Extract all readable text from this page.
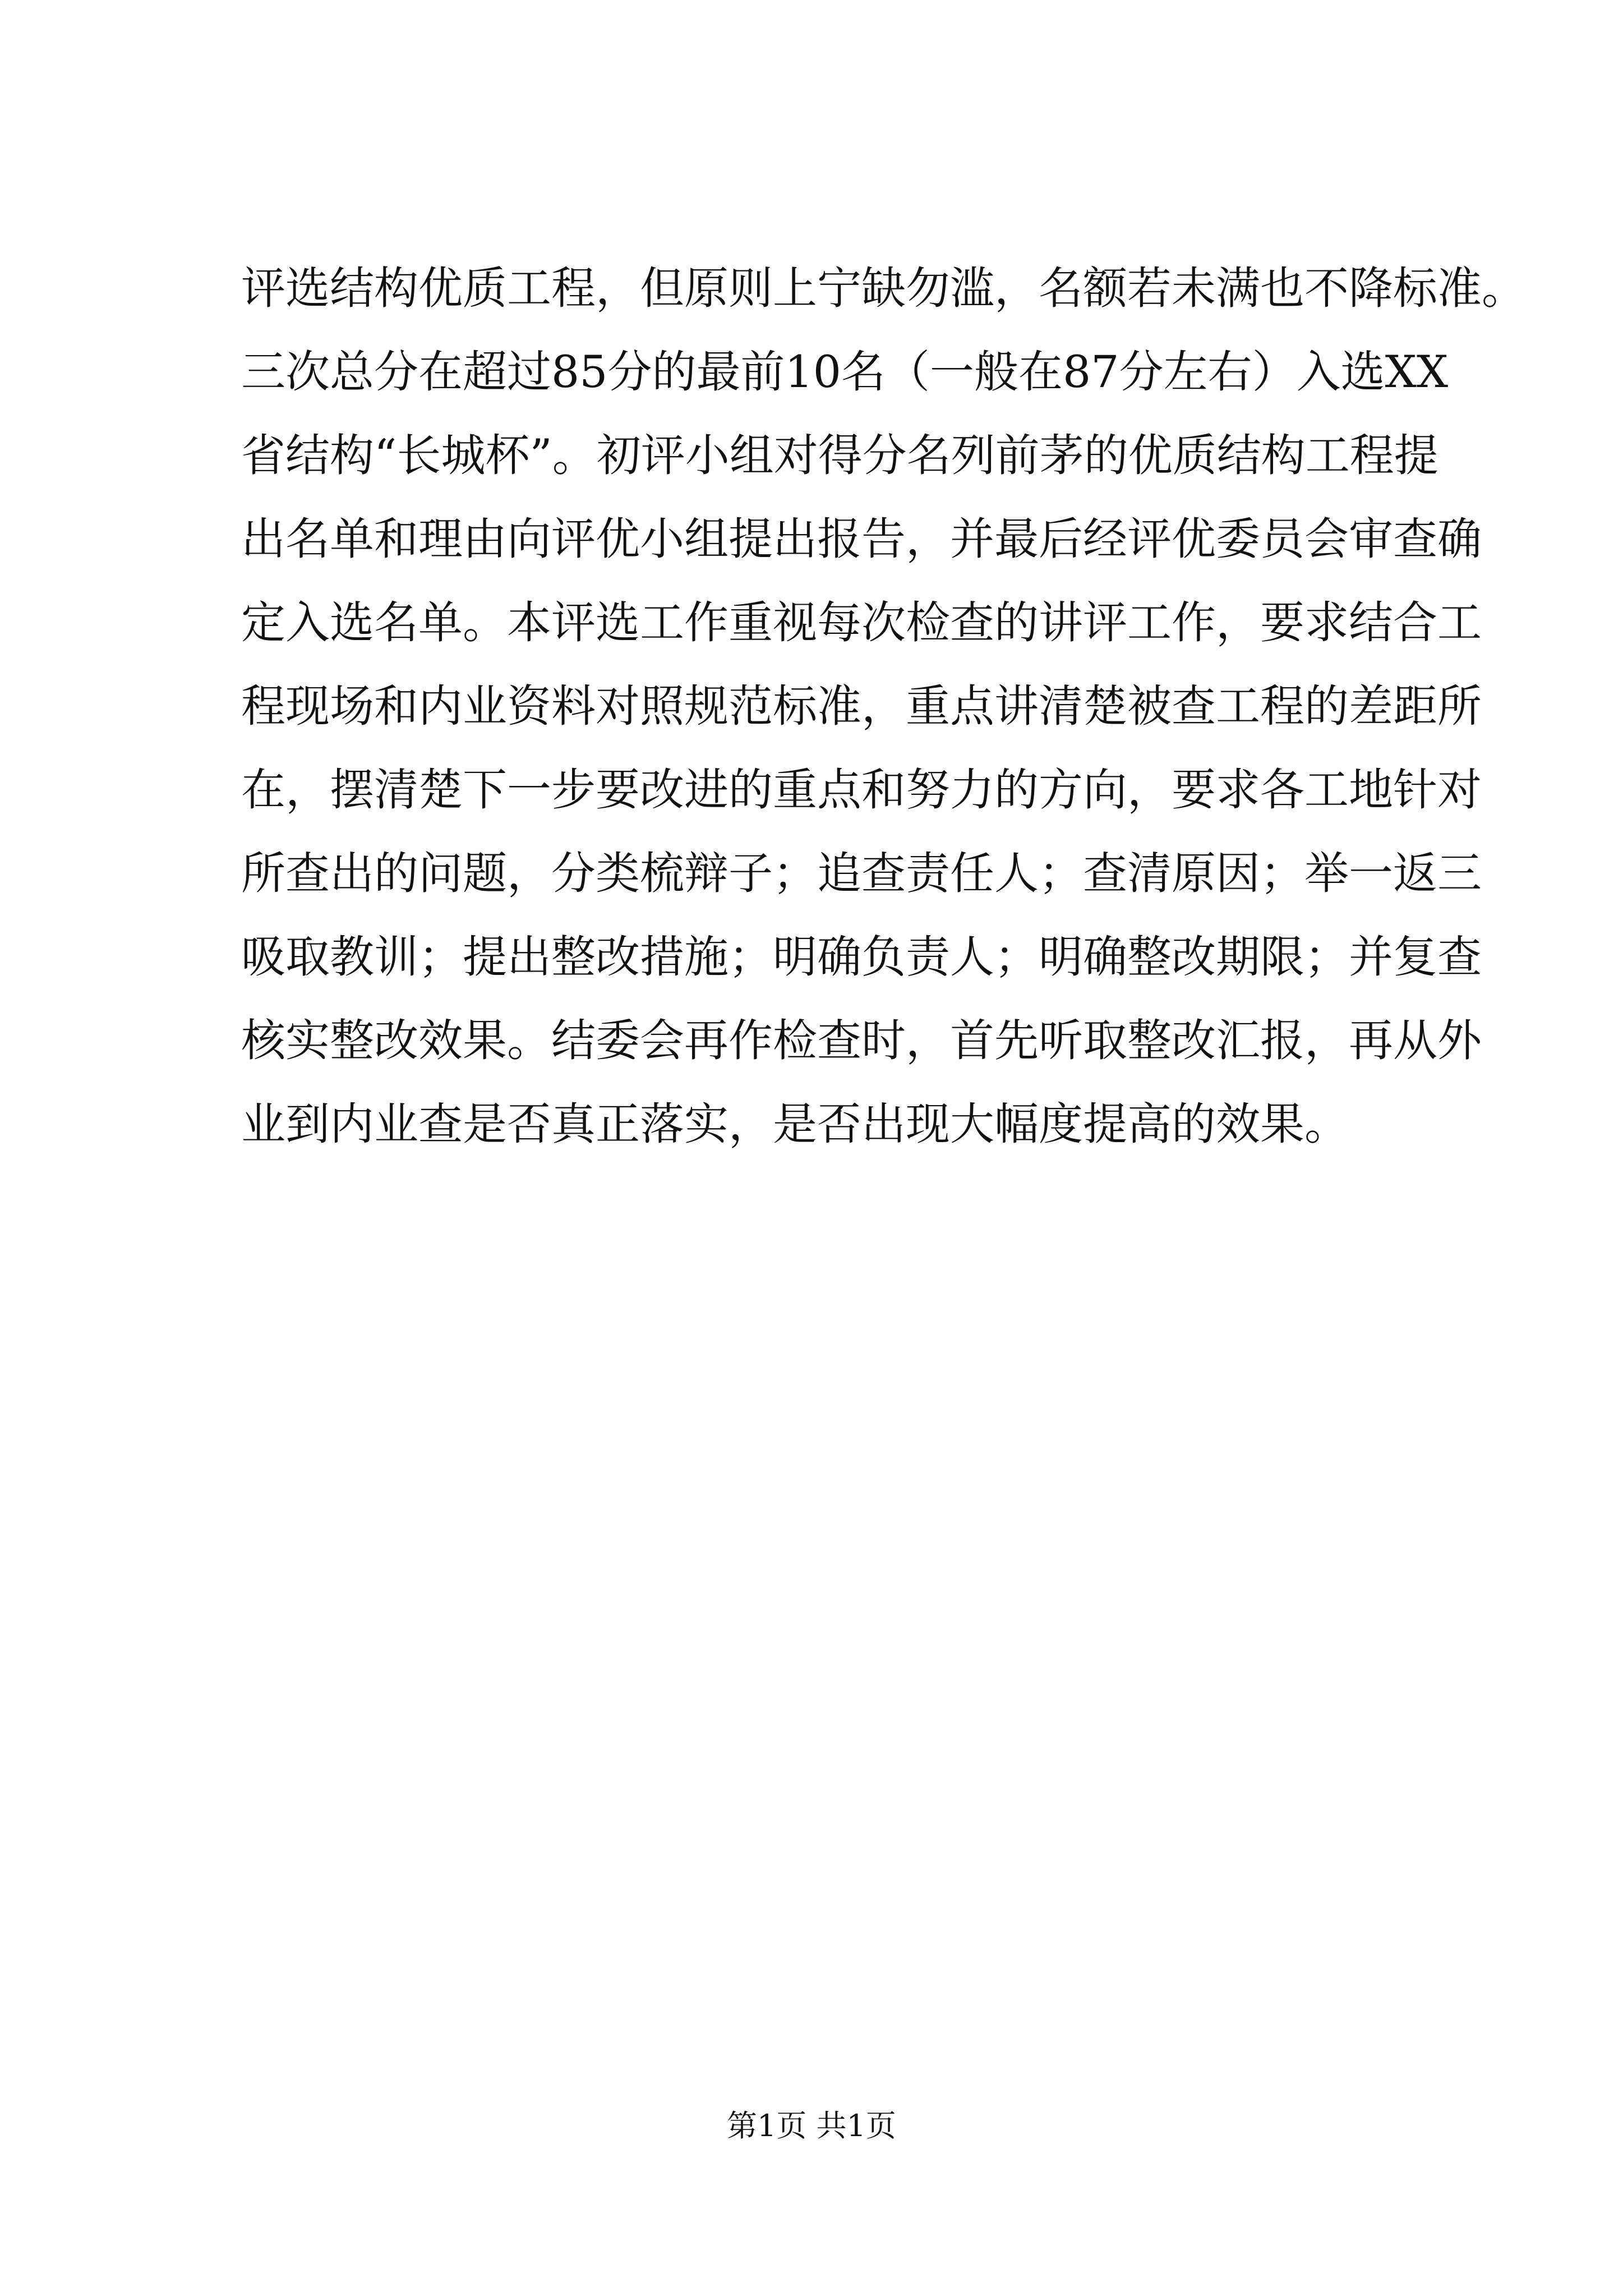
评选结构优质工程，但原则上宁缺勿滥，名额若未满也不降标准。
三次总分在超过85分的最前10名（一般在87分左右）入选XX
省结构“长城杯”。初评小组对得分名列前茅的优质结构工程提
出名单和理由向评优小组提出报告，并最后经评优委员会审查确
定入选名单。本评选工作重视每次检查的讲评工作，要求结合工
程现场和内业资料对照规范标准，重点讲清楚被查工程的差距所
在，摆清楚下一步要改进的重点和努力的方向，要求各工地针对
所查出的问题，分类梳辩子；追查责任人；查清原因；举一返三
吸取教训；提出整改措施；明确负责人；明确整改期限；并复查
核实整改效果。结委会再作检查时，首先听取整改汇报，再从外
业到内业查是否真正落实，是否出现大幅度提高的效果。
第1页 共1页
